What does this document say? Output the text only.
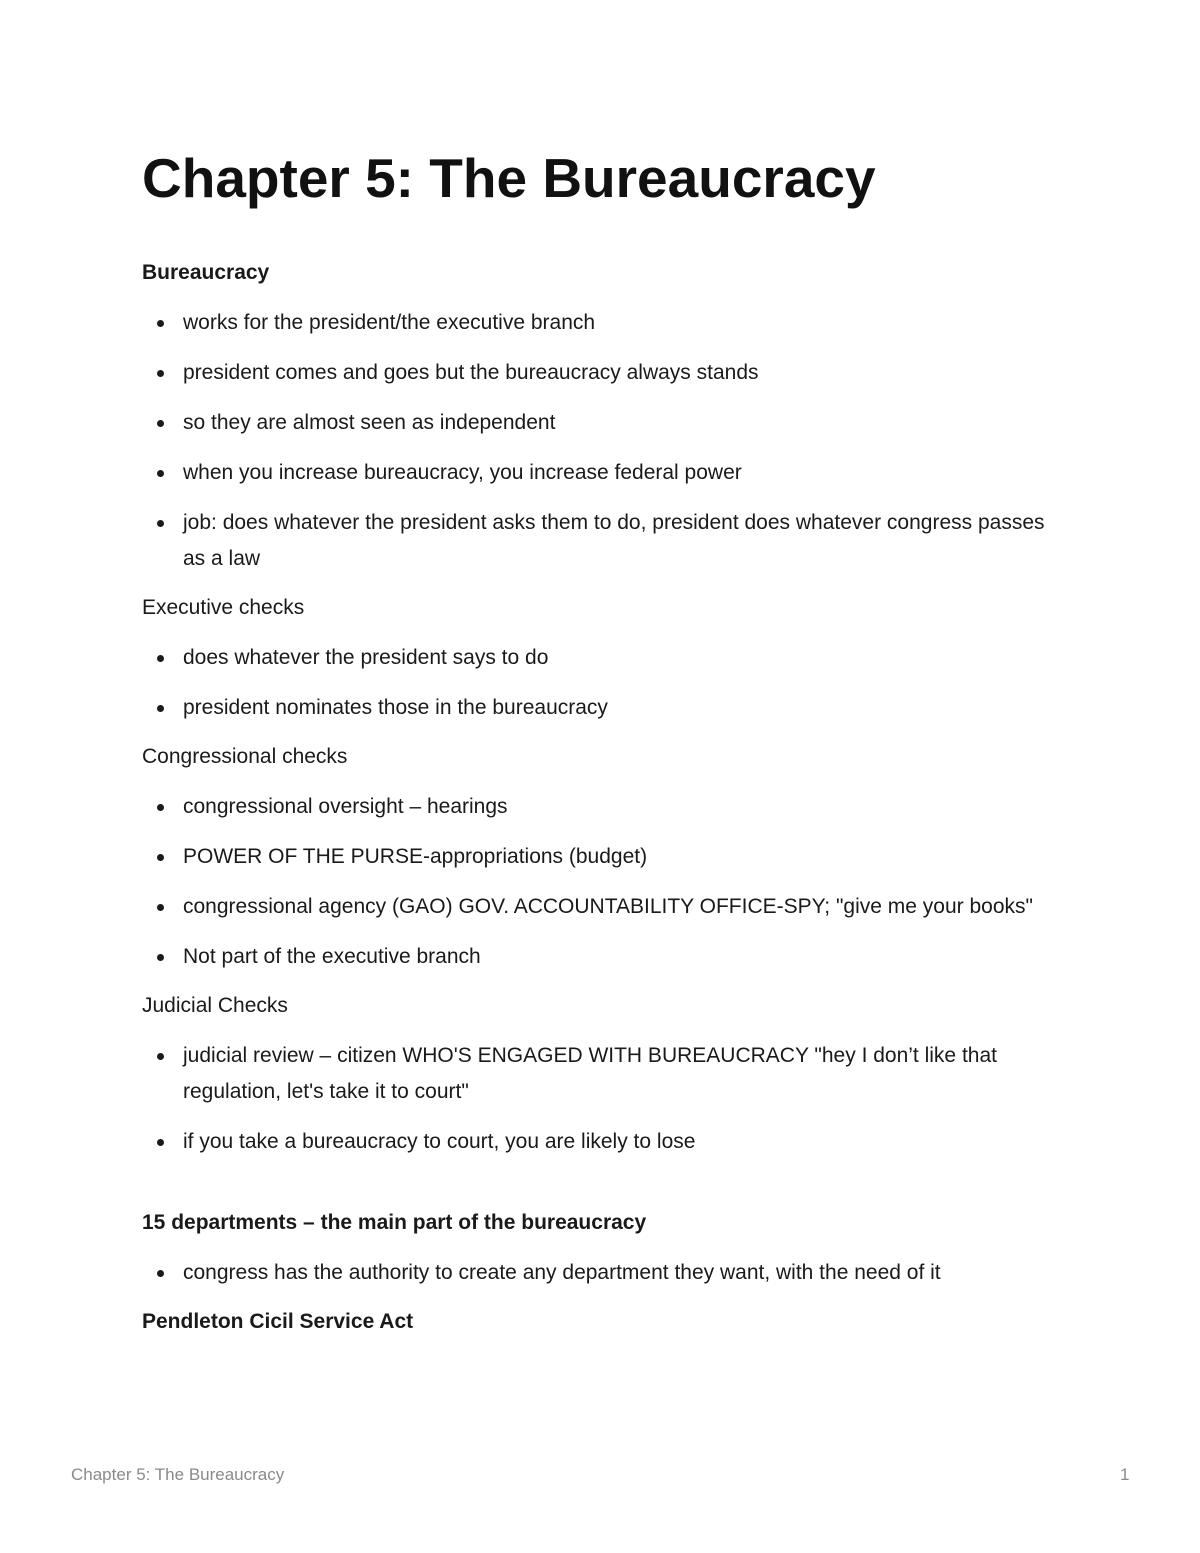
Chapter 5: The Bureaucracy
Bureaucracy
works for the president/the executive branch
president comes and goes but the bureaucracy always stands
so they are almost seen as independent
when you increase bureaucracy, you increase federal power
job: does whatever the president asks them to do, president does whatever congress passes as a law
Executive checks
does whatever the president says to do
president nominates those in the bureaucracy
Congressional checks
congressional oversight – hearings
POWER OF THE PURSE-appropriations (budget)
congressional agency (GAO) GOV. ACCOUNTABILITY OFFICE-SPY; "give me your books"
Not part of the executive branch
Judicial Checks
judicial review – citizen WHO'S ENGAGED WITH BUREAUCRACY "hey I don’t like that regulation, let's take it to court"
if you take a bureaucracy to court, you are likely to lose
15 departments – the main part of the bureaucracy
congress has the authority to create any department they want, with the need of it
Pendleton Cicil Service Act
Chapter 5: The Bureaucracy	1
